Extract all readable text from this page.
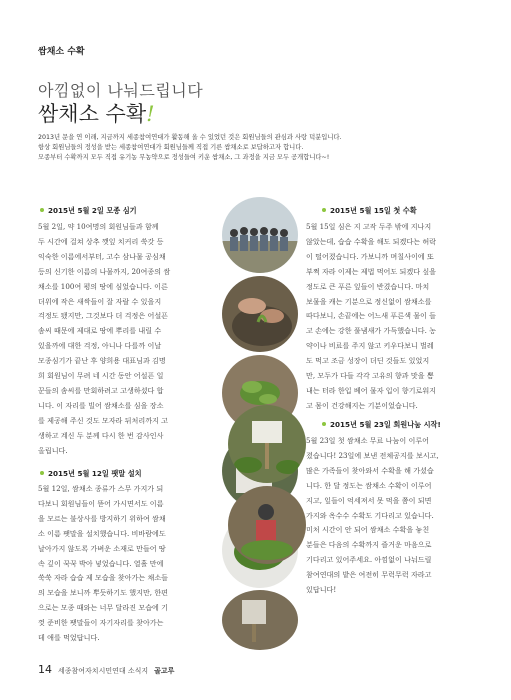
쌈채소 수확
아낌없이 나눠드립니다
쌈채소 수확!
2013년 문을 연 이래, 지금까지 세종참여연대가 활동해 올 수 있었던 것은 회원님들의 관심과 사랑 덕분입니다.
항상 회원님들의 정성을 받는 세종참여연대가 회원님들께 직접 기른 쌈채소로 보답하고자 합니다.
모종부터 수확까지 모두 직접 유기농 무농약으로 정성들여 키운 쌈채소, 그 과정을 지금 모두 공개합니다~!
2015년 5월 2일 모종 심기
5월 2일, 약 10여명의 회원님들과 함께
두 시간에 걸쳐 상추 깻잎 치커리 쑥갓 등
익숙한 이름에서부터, 고수 삼나물 공심채
등의 신기한 이름의 나물까지, 20여종의 쌈
채소를 100여 평의 땅에 심었습니다. 이른
더위에 작은 새싹들이 잘 자랄 수 있을지
걱정도 됐지만, 그것보다 더 걱정은 어설픈
솜씨 때문에 제대로 땅에 뿌리를 내릴 수
있을까에 대한 걱정, 아니나 다를까 이날
모종심기가 끝난 후 양희용 대표님과 김명
희 회원님이 무려 네 시간 동안 어설픈 일
꾼들의 솜씨를 만회하려고 고생하셨다 합
니다. 이 자리를 빌어 쌈채소를 심을 장소
를 제공해 주신 것도 모자라 뒤처리까지 고
생하고 계신 두 분께 다시 한 번 감사인사
올립니다.
2015년 5월 12일 팻말 설치
5월 12일, 쌈채소 종류가 스무 가지가 되
다보니 회원님들이 뜯어 가시면서도 이름
을 모르는 불상사를 방지하기 위하여 쌈채
소 이름 팻말을 설치했습니다. 비바람에도
날아가지 않도록 가벼운 소재로 만들어 땅
속 깊이 꾹꾹 박아 넣었습니다. 열흘 만에
쑥쑥 자라 습습 제 모습을 찾아가는 채소들
의 모습을 보니까 뿌듯하기도 했지만, 한편
으로는 모종 때와는 너무 달라진 모습에 기
껏 준비한 팻말들이 자기자리를 찾아가는
데 애를 먹었답니다.
2015년 5월 15일 첫 수확
5월 15일 심은 지 고작 두주 밖에 지나지
않았는데, 습습 수확을 해도 되겠다는 허락
이 떨어졌습니다. 가보니까 며칠사이에 또
부쩍 자라 이제는 제법 먹어도 되겠다 싶을
정도로 큰 푸른 잎들이 반겼습니다. 마치
보물을 캐는 기분으로 정신없이 쌈채소를
따다보니, 손끝에는 어느새 푸른색 물이 들
고 손에는 강한 풀냄새가 가득했습니다. 농
약이나 비료를 주지 않고 키우다보니 벌레
도 먹고 조금 성장이 더딘 것들도 있었지
만, 모두가 다들 각각 고유의 향과 맛을 뽐
내는 터라 한입 베어 물자 입이 향기로워지
고 몸이 건강해지는 기분이었습니다.
2015년 5월 23일 회원나눔 시작!
5월 23일 첫 쌈채소 무료 나눔이 이루어
졌습니다! 23일에 보낸 전체공지를 보시고,
많은 가족들이 찾아와서 수확을 해 가셨습
니다. 한 달 정도는 쌈채소 수확이 이루어
지고, 잎들이 억세져서 못 먹을 쯤이 되면
가지와 옥수수 수확도 기다리고 있습니다.
미처 시간이 안 되어 쌈채소 수확을 놓친
분들은 다음의 수확까지 즐거운 마음으로
기다리고 있어주세요. 아낌없이 나눠드릴
참여연대의 밭은 여전히 무럭무럭 자라고
있답니다!
14 세종참여자치시민연대 소식지 골고루
